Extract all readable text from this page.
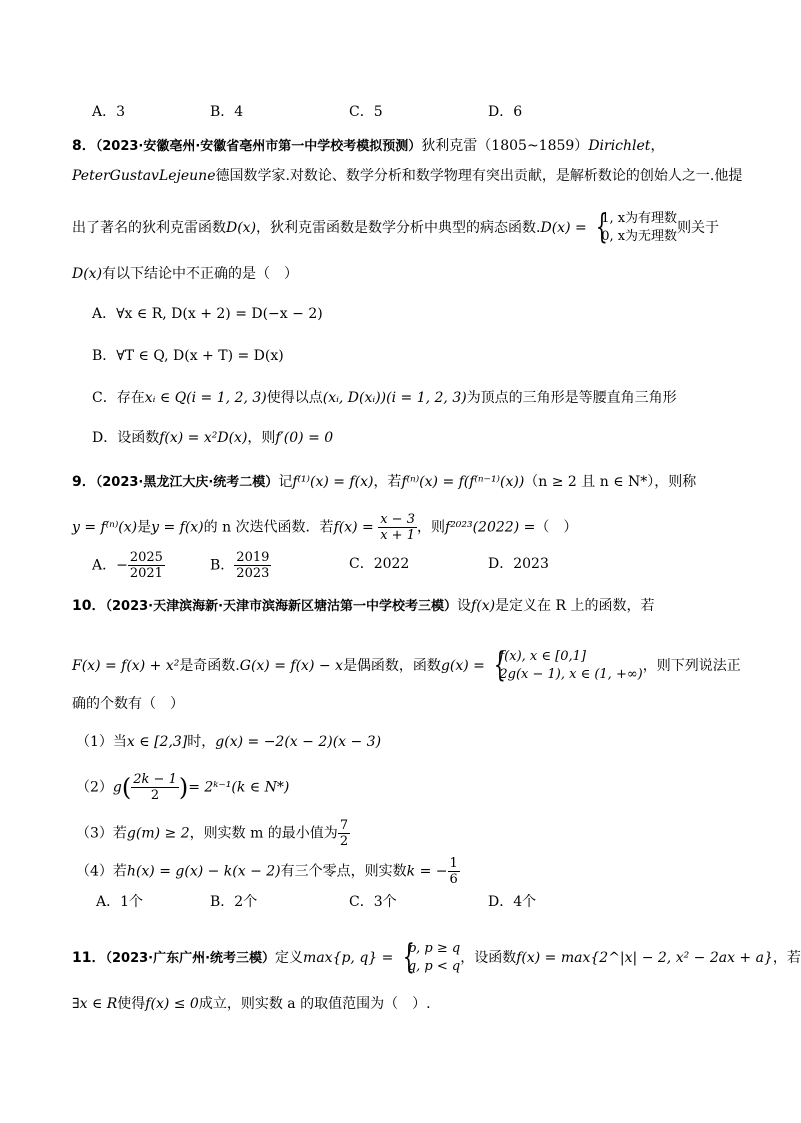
A．3	B．4	C．5	D．6
8．（2023·安徽亳州·安徽省亳州市第一中学校考模拟预测）狄利克雷（1805~1859）Dirichlet，
PeterGustavLejeune德国数学家.对数论、数学分析和数学物理有突出贡献，是解析数论的创始人之一.他提
出了著名的狄利克雷函数D(x)，狄利克雷函数是数学分析中典型的病态函数.D(x) = {
1, x为有理数
0, x为无理数
则关于
D(x)有以下结论中不正确的是（　）
A．∀x ∈ R, D(x + 2) = D(−x − 2)
B．∀T ∈ Q, D(x + T) = D(x)
C．存在xᵢ ∈ Q(i = 1, 2, 3)使得以点(xᵢ, D(xᵢ))(i = 1, 2, 3)为顶点的三角形是等腰直角三角形
D．设函数f(x) = x²D(x)，则f′(0) = 0
9．（2023·黑龙江大庆·统考二模）记f⁽¹⁾(x) = f(x)，若f⁽ⁿ⁾(x) = f(f⁽ⁿ⁻¹⁾(x))（n ≥ 2 且 n ∈ N*），则称
y = f⁽ⁿ⁾(x)是y = f(x)的 n 次迭代函数．若$f(x) = \frac{x - 3}{x + 1}$ ，则f²⁰²³(2022) =（　）
A．− $\frac{2025}{2021}$	B． $\frac{2019}{2023}$	C．2022	D．2023
10．（2023·天津滨海新·天津市滨海新区塘沽第一中学校考三模）设f(x)是定义在 R 上的函数，若
F(x) = f(x) + x²是奇函数.G(x) = f(x) − x是偶函数，函数g(x) = {
f(x), x ∈ [0,1]
2g(x − 1), x ∈ (1, +∞)
，则下列说法正
确的个数有（　）
（1）当x ∈ [2,3]时，g(x) = −2(x − 2)(x − 3)
$(2)g( \frac{2k - 1}{2}$ )= 2ᵏ⁻¹(k ∈ N*)
（3）若g(m) ≥ 2，则实数 m 的最小值为 $\frac{7}{2}$
（4）若h(x) = g(x) − k(x − 2)有三个零点，则实数k = − $\frac{1}{6}$
A．1个	B．2个	C．3个	D．4个
11．（2023·广东广州·统考三模）定义max{p, q} = {
p, p ≥ q
q, p < q
，设函数f(x) = max{2^|x| − 2, x² − 2ax + a}，若
∃x ∈ R使得f(x) ≤ 0成立，则实数 a 的取值范围为（　）.
